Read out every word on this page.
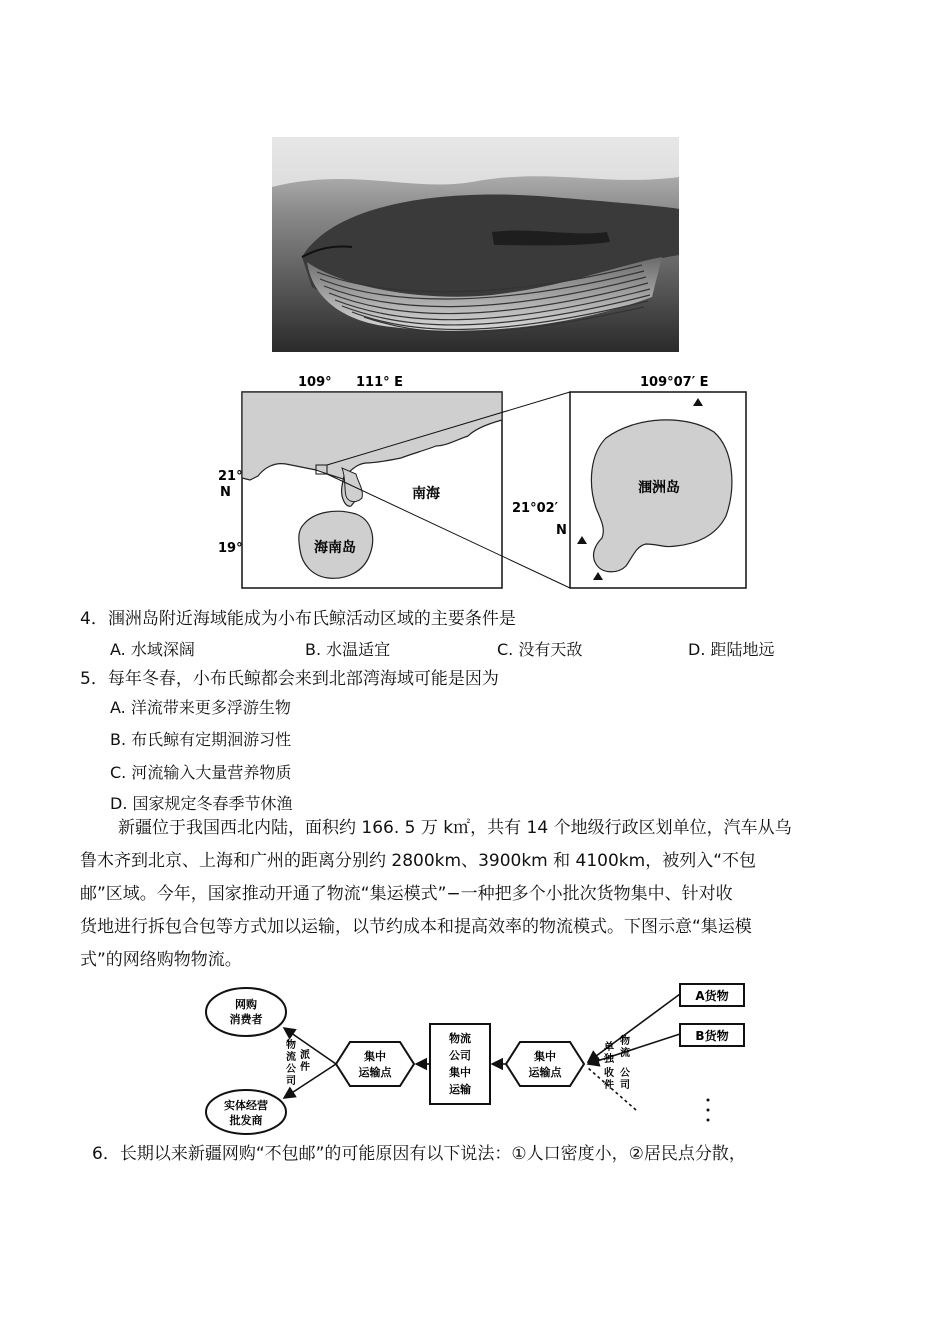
109° 111° E
21°
N
19°
南海
海南岛
109°07′ E
21°02′
N
涠洲岛
4．涠洲岛附近海域能成为小布氏鲸活动区域的主要条件是
A. 水域深阔	B. 水温适宜	C. 没有天敌	D. 距陆地远
5．每年冬春，小布氏鲸都会来到北部湾海域可能是因为
A. 洋流带来更多浮游生物
B. 布氏鲸有定期洄游习性
C. 河流输入大量营养物质
D. 国家规定冬春季节休渔

新疆位于我国西北内陆，面积约 166. 5 万 k㎡，共有 14 个地级行政区划单位，汽车从乌

鲁木齐到北京、上海和广州的距离分别约 2800km、3900km 和 4100km，被列入“不包

邮”区域。今年，国家推动开通了物流“集运模式”−一种把多个小批次货物集中、针对收

货地进行拆包合包等方式加以运输，以节约成本和提高效率的物流模式。下图示意“集运模

式”的网络购物物流。

网购
消费者
实体经营
批发商
物
流
公
司
派
件
集中
运输点
物流
公司
集中
运输
集中
运输点
单
独
物
流
公
司
收
件
A货物
B货物
6．长期以来新疆网购“不包邮”的可能原因有以下说法：①人口密度小，②居民点分散，
